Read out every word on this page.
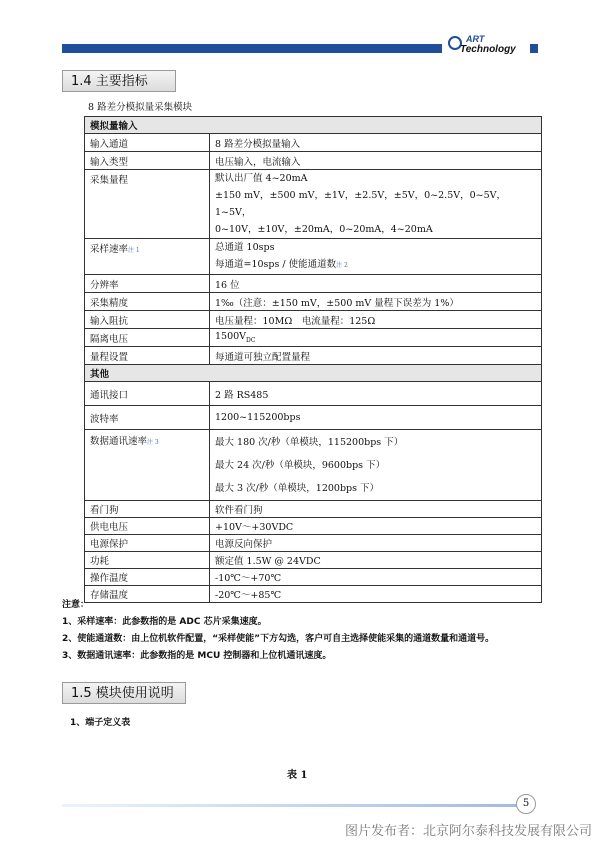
ART
Technology
1.4 主要指标
8 路差分模拟量采集模块
模拟量输入	
输入通道	8 路差分模拟量输入
输入类型	电压输入，电流输入
采集量程	默认出厂值 4~20mA
±150 mV，±500 mV，±1V，±2.5V，±5V，0~2.5V，0~5V，1~5V，
0~10V，±10V，±20mA，0~20mA，4~20mA

采样速率注 1	总通道 10sps
每通道=10sps / 使能通道数注 2

分辨率	16 位
采集精度	1‰（注意：±150 mV，±500 mV 量程下误差为 1%）
输入阻抗	电压量程：10MΩ　电流量程：125Ω
隔离电压	$1500V_{DC}$
量程设置	每通道可独立配置量程
其他	
通讯接口	2 路 RS485
波特率	1200~115200bps
数据通讯速率注 3	最大 180 次/秒（单模块，115200bps 下）
最大 24 次/秒（单模块，9600bps 下）
最大 3 次/秒（单模块，1200bps 下）

看门狗	软件看门狗
供电电压	+10V～+30VDC
电源保护	电源反向保护
功耗	额定值 1.5W @ 24VDC
操作温度	-10℃～+70℃
存储温度	-20℃～+85℃
注意：
1、采样速率：此参数指的是 ADC 芯片采集速度。
2、使能通道数：由上位机软件配置，“采样使能”下方勾选，客户可自主选择使能采集的通道数量和通道号。
3、数据通讯速率：此参数指的是 MCU 控制器和上位机通讯速度。
1.5 模块使用说明
1、端子定义表
表 1
5
图片发布者：北京阿尔泰科技发展有限公司
